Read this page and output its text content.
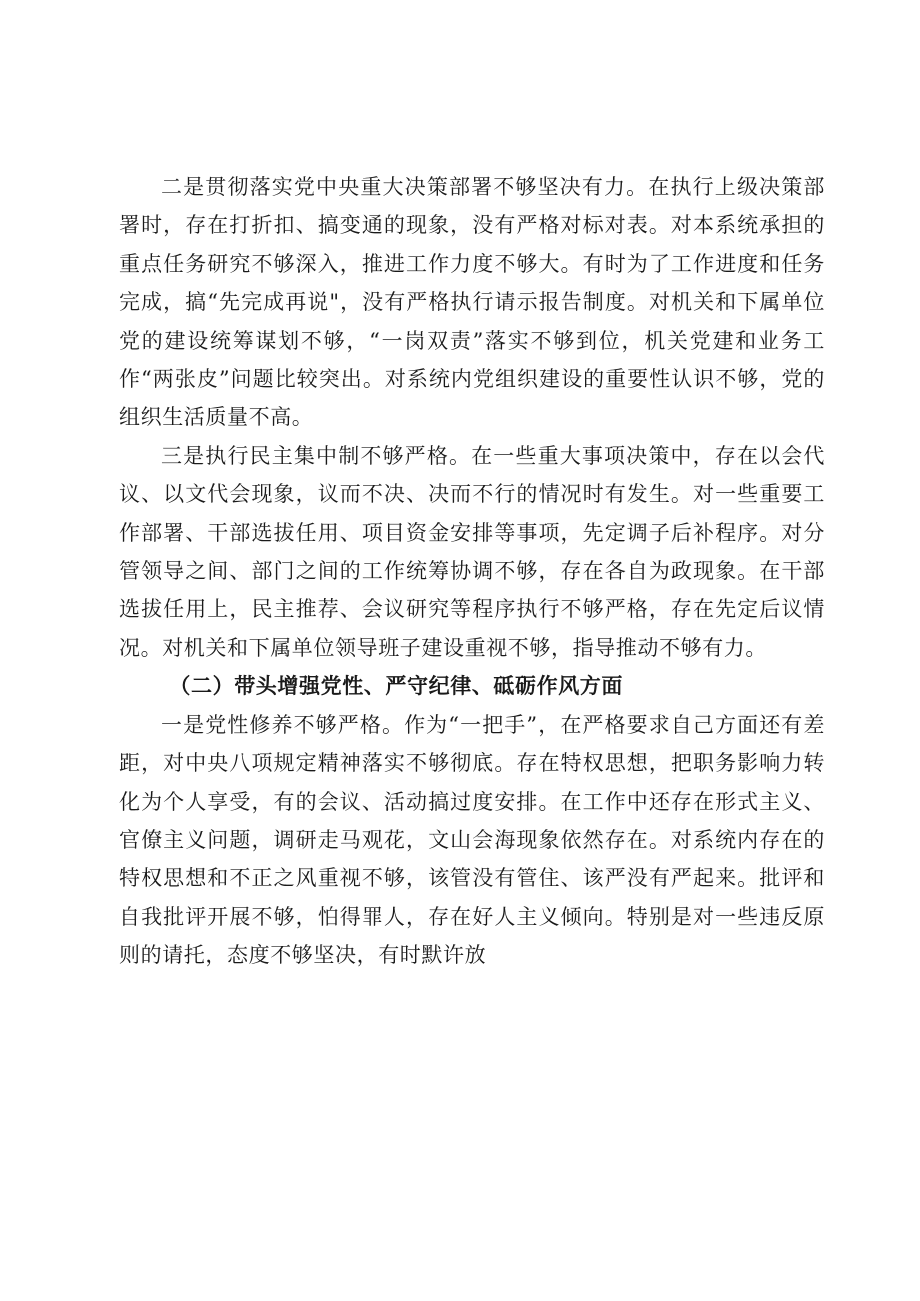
二是贯彻落实党中央重大决策部署不够坚决有力。在执行上级决策部署时，存在打折扣、搞变通的现象，没有严格对标对表。对本系统承担的重点任务研究不够深入，推进工作力度不够大。有时为了工作进度和任务完成，搞“先完成再说"，没有严格执行请示报告制度。对机关和下属单位党的建设统筹谋划不够，“一岗双责”落实不够到位，机关党建和业务工作“两张皮”问题比较突出。对系统内党组织建设的重要性认识不够，党的组织生活质量不高。

三是执行民主集中制不够严格。在一些重大事项决策中，存在以会代议、以文代会现象，议而不决、决而不行的情况时有发生。对一些重要工作部署、干部选拔任用、项目资金安排等事项，先定调子后补程序。对分管领导之间、部门之间的工作统筹协调不够，存在各自为政现象。在干部选拔任用上，民主推荐、会议研究等程序执行不够严格，存在先定后议情况。对机关和下属单位领导班子建设重视不够，指导推动不够有力。

（二）带头增强党性、严守纪律、砥砺作风方面

一是党性修养不够严格。作为“一把手”，在严格要求自己方面还有差距，对中央八项规定精神落实不够彻底。存在特权思想，把职务影响力转化为个人享受，有的会议、活动搞过度安排。在工作中还存在形式主义、官僚主义问题，调研走马观花，文山会海现象依然存在。对系统内存在的特权思想和不正之风重视不够，该管没有管住、该严没有严起来。批评和自我批评开展不够，怕得罪人，存在好人主义倾向。特别是对一些违反原则的请托，态度不够坚决，有时默许放
